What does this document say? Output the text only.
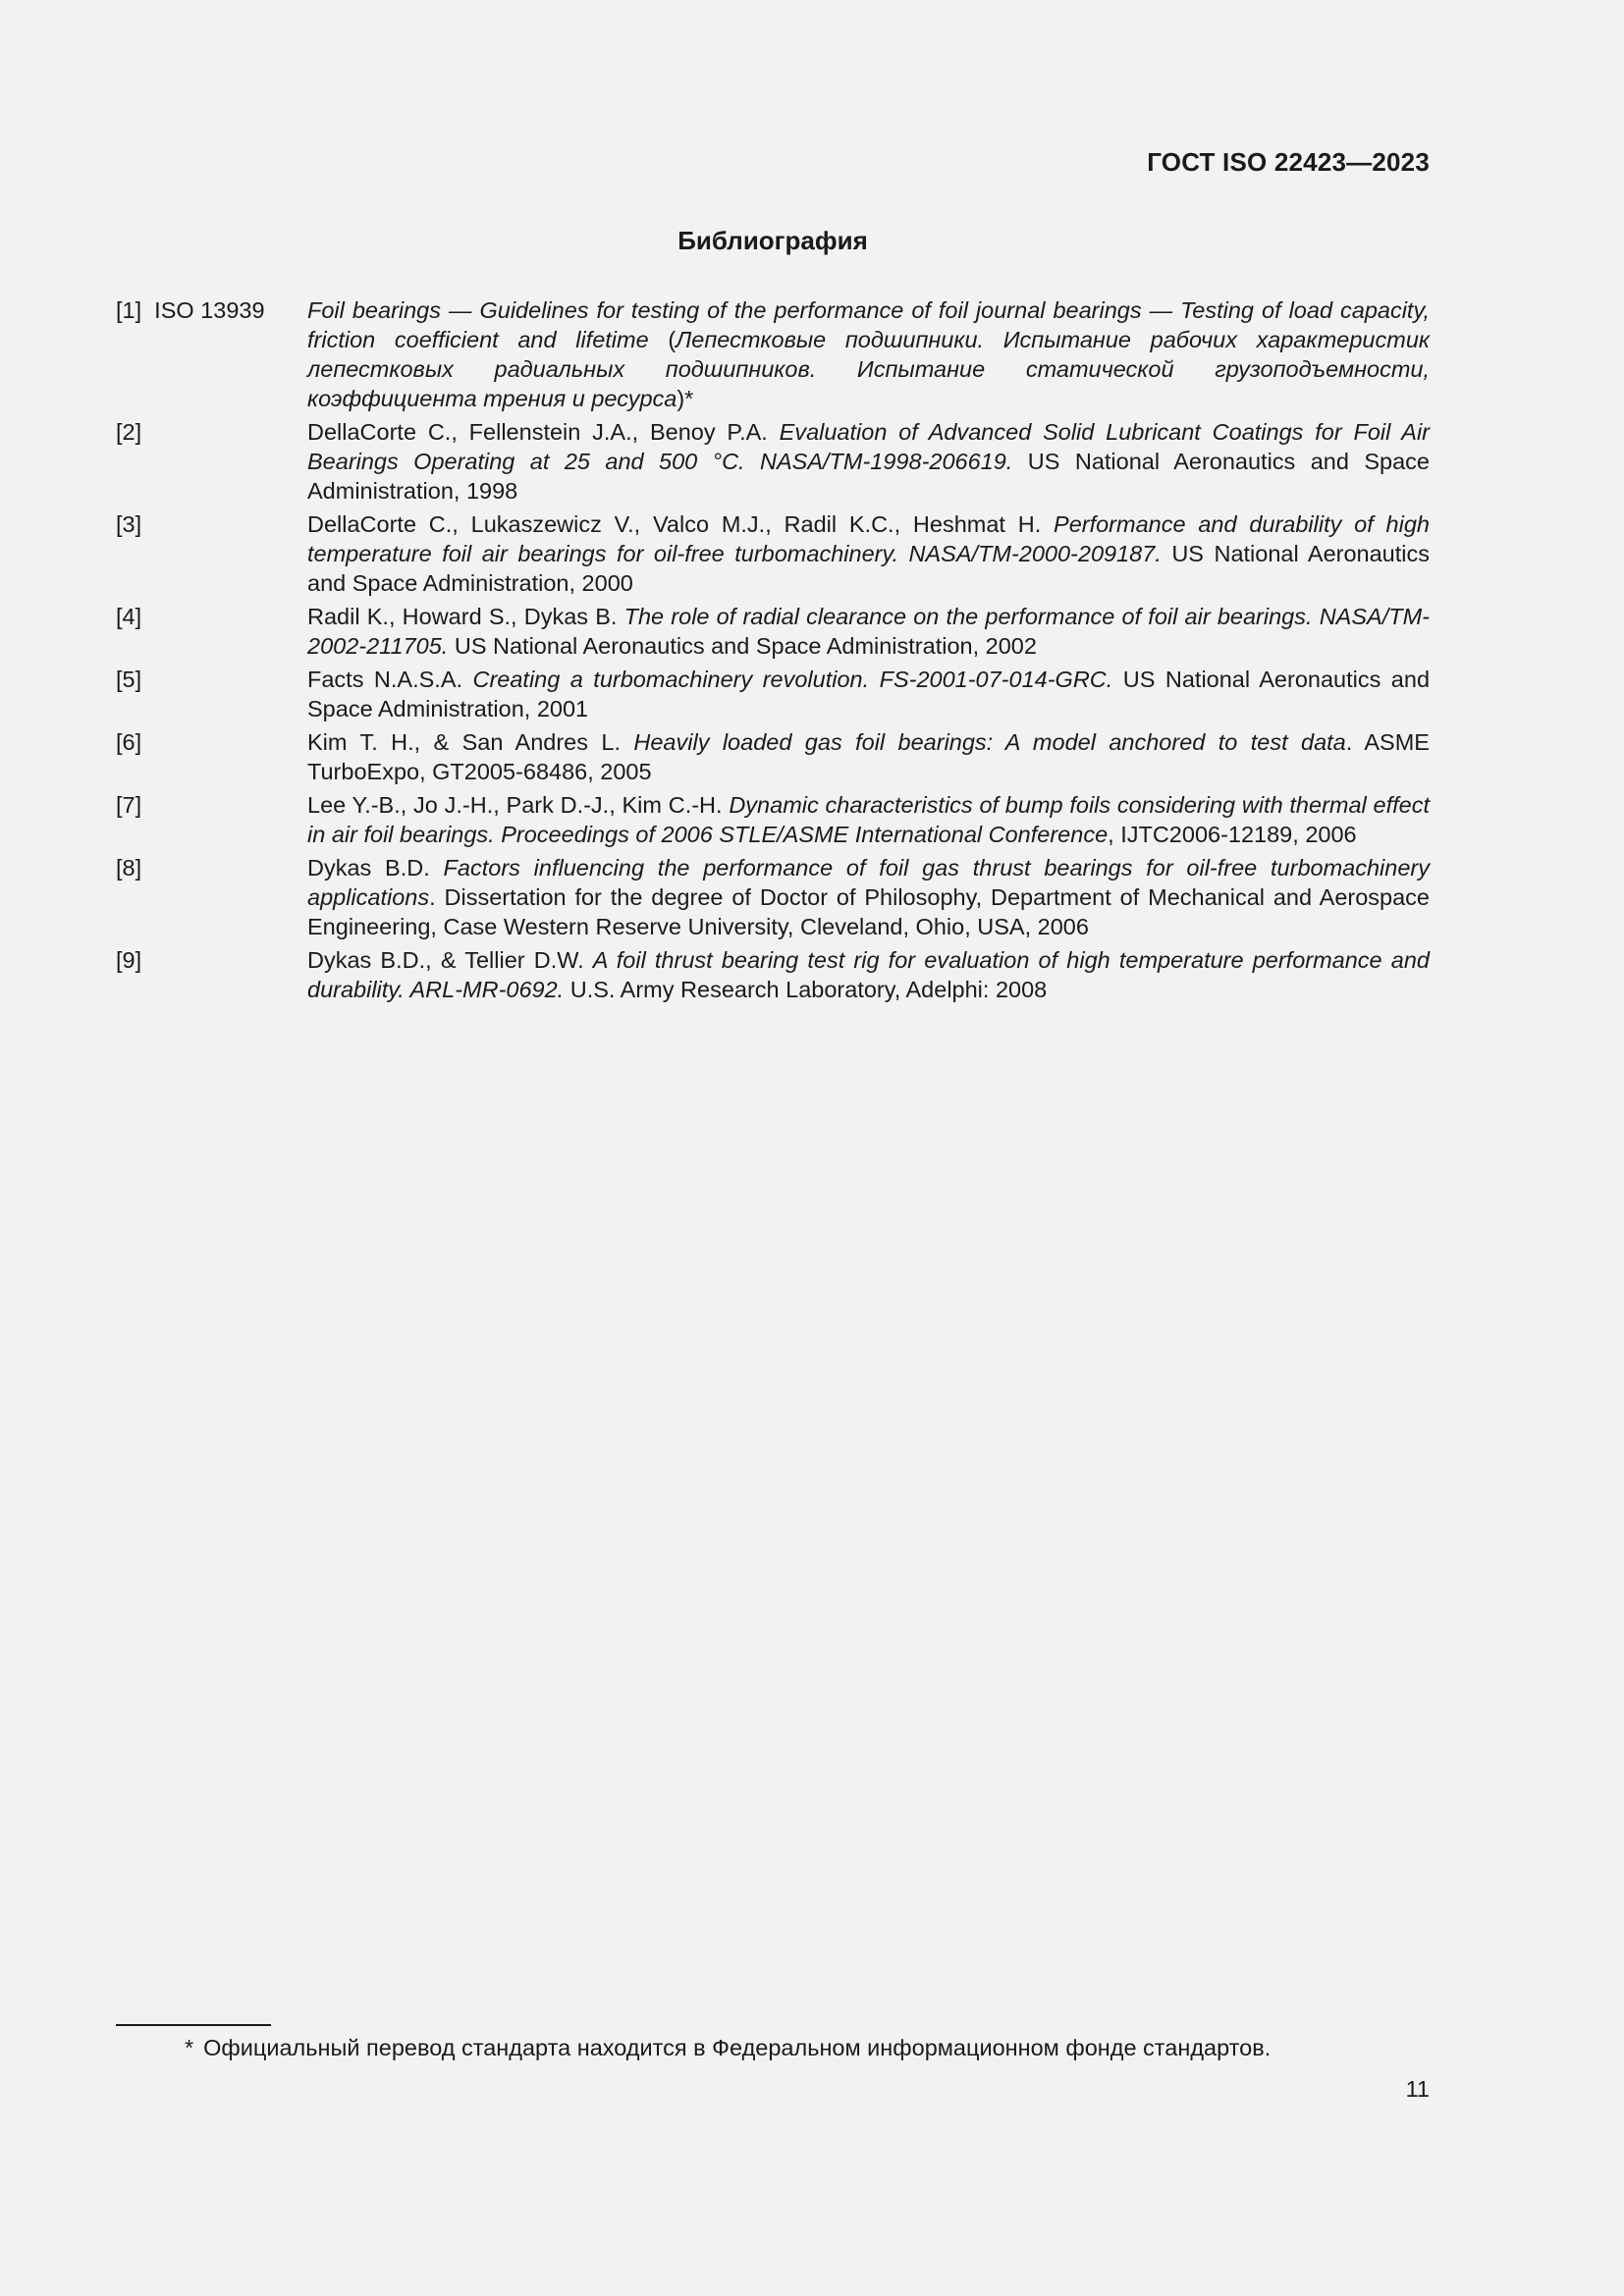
ГОСТ ISO 22423—2023
Библиография
[1]  ISO 13939	Foil bearings — Guidelines for testing of the performance of foil journal bearings — Testing of load capacity, friction coefficient and lifetime (Лепестковые подшипники. Испытание рабочих характеристик лепестковых радиальных подшипников. Испытание статической грузоподъемности, коэффициента трения и ресурса)*
[2]	DellaCorte C., Fellenstein J.A., Benoy P.A. Evaluation of Advanced Solid Lubricant Coatings for Foil Air Bearings Operating at 25 and 500 °C. NASA/TM-1998-206619. US National Aeronautics and Space Administration, 1998
[3]	DellaCorte C., Lukaszewicz V., Valco M.J., Radil K.C., Heshmat H. Performance and durability of high temperature foil air bearings for oil-free turbomachinery. NASA/TM-2000-209187. US National Aeronautics and Space Administration, 2000
[4]	Radil K., Howard S., Dykas B. The role of radial clearance on the performance of foil air bearings. NASA/TM-2002-211705. US National Aeronautics and Space Administration, 2002
[5]	Facts N.A.S.A. Creating a turbomachinery revolution. FS-2001-07-014-GRC. US National Aeronautics and Space Administration, 2001
[6]	Kim T. H., & San Andres L. Heavily loaded gas foil bearings: A model anchored to test data. ASME TurboExpo, GT2005-68486, 2005
[7]	Lee Y.-B., Jo J.-H., Park D.-J., Kim C.-H. Dynamic characteristics of bump foils considering with thermal effect in air foil bearings. Proceedings of 2006 STLE/ASME International Conference, IJTC2006-12189, 2006
[8]	Dykas B.D. Factors influencing the performance of foil gas thrust bearings for oil-free turbomachinery applications. Dissertation for the degree of Doctor of Philosophy, Department of Mechanical and Aerospace Engineering, Case Western Reserve University, Cleveland, Ohio, USA, 2006
[9]	Dykas B.D., & Tellier D.W. A foil thrust bearing test rig for evaluation of high temperature performance and durability. ARL-MR-0692. U.S. Army Research Laboratory, Adelphi: 2008
* Официальный перевод стандарта находится в Федеральном информационном фонде стандартов.
11
